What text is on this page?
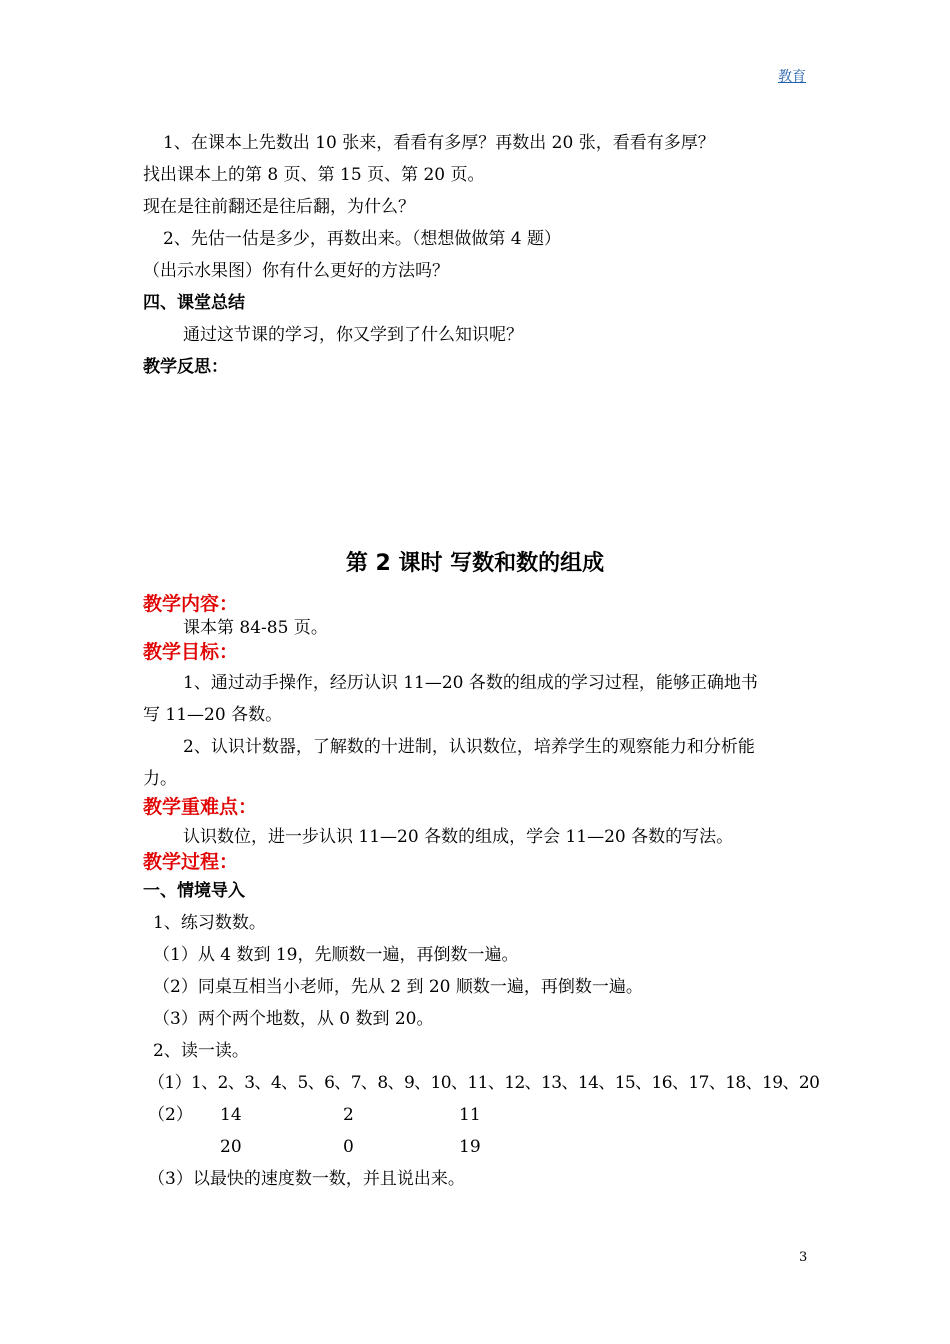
教育
1、在课本上先数出 10 张来，看看有多厚？再数出 20 张，看看有多厚？
找出课本上的第 8 页、第 15 页、第 20 页。
现在是往前翻还是往后翻，为什么？
2、先估一估是多少，再数出来。（想想做做第 4 题）
（出示水果图）你有什么更好的方法吗？
四、课堂总结
通过这节课的学习，你又学到了什么知识呢？
教学反思：
第 2 课时 写数和数的组成
教学内容：
课本第 84-85 页。
教学目标：
1、通过动手操作，经历认识 11—20 各数的组成的学习过程，能够正确地书
写 11—20 各数。
2、认识计数器，了解数的十进制，认识数位，培养学生的观察能力和分析能
力。
教学重难点：
认识数位，进一步认识 11—20 各数的组成，学会 11—20 各数的写法。
教学过程：
一、情境导入
1、练习数数。
（1）从 4 数到 19，先顺数一遍，再倒数一遍。
（2）同桌互相当小老师，先从 2 到 20 顺数一遍，再倒数一遍。
（3）两个两个地数，从 0 数到 20。
2、读一读。
（1）1、2、3、4、5、6、7、8、9、10、11、12、13、14、15、16、17、18、19、20
（2） 14	2	11
20	0	19
（3）以最快的速度数一数，并且说出来。
3
